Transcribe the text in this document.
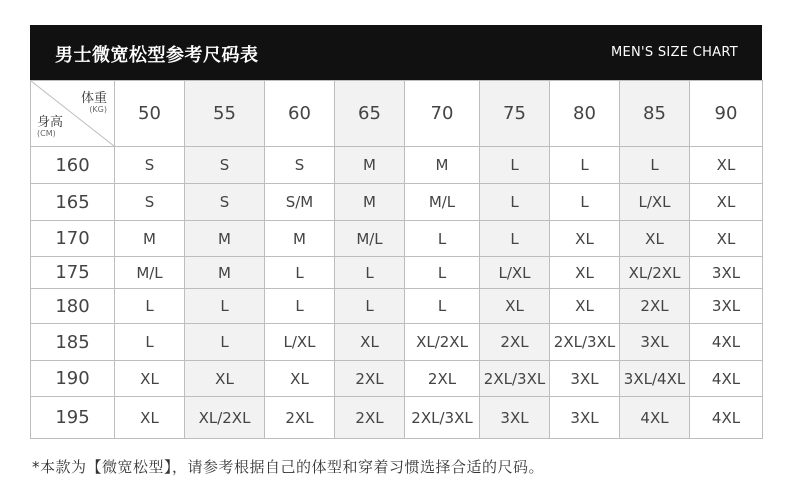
男士微宽松型参考尺码表	MEN'S SIZE CHART
体重
(KG)
身高
(CM)	50	55	60	65	70	75	80	85	90
160	S	S	S	M	M	L	L	L	XL
165	S	S	S/M	M	M/L	L	L	L/XL	XL
170	M	M	M	M/L	L	L	XL	XL	XL
175	M/L	M	L	L	L	L/XL	XL	XL/2XL	3XL
180	L	L	L	L	L	XL	XL	2XL	3XL
185	L	L	L/XL	XL	XL/2XL	2XL	2XL/3XL	3XL	4XL
190	XL	XL	XL	2XL	2XL	2XL/3XL	3XL	3XL/4XL	4XL
195	XL	XL/2XL	2XL	2XL	2XL/3XL	3XL	3XL	4XL	4XL
*本款为【微宽松型】，请参考根据自己的体型和穿着习惯选择合适的尺码。
